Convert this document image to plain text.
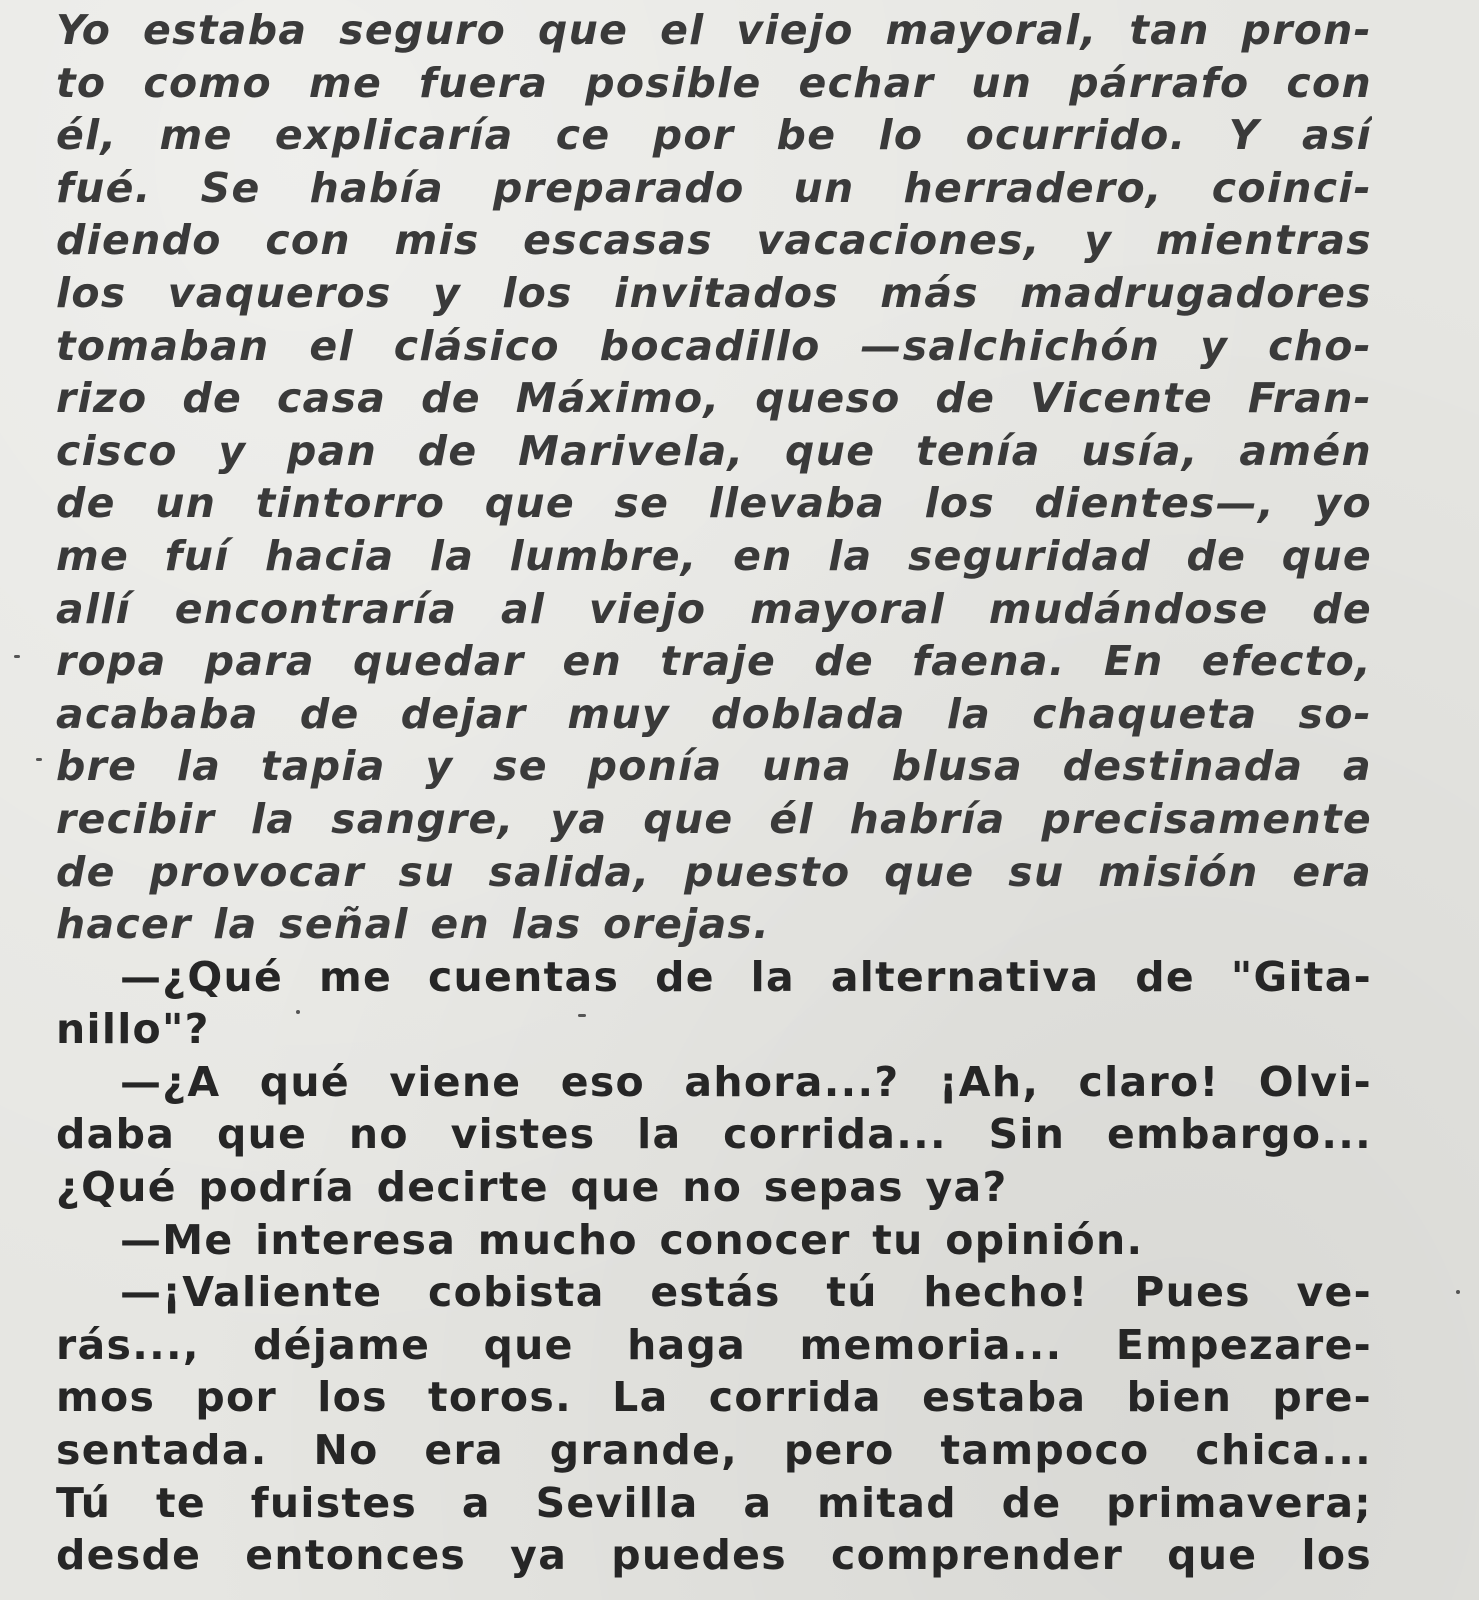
Yo estaba seguro que el viejo mayoral, tan pron-
to como me fuera posible echar un párrafo con
él, me explicaría ce por be lo ocurrido. Y así
fué. Se había preparado un herradero, coinci-
diendo con mis escasas vacaciones, y mientras
los vaqueros y los invitados más madrugadores
tomaban el clásico bocadillo —salchichón y cho-
rizo de casa de Máximo, queso de Vicente Fran-
cisco y pan de Marivela, que tenía usía, amén
de un tintorro que se llevaba los dientes—, yo
me fuí hacia la lumbre, en la seguridad de que
allí encontraría al viejo mayoral mudándose de
ropa para quedar en traje de faena. En efecto,
acababa de dejar muy doblada la chaqueta so-
bre la tapia y se ponía una blusa destinada a
recibir la sangre, ya que él habría precisamente
de provocar su salida, puesto que su misión era
hacer la señal en las orejas.
—¿Qué me cuentas de la alternativa de "Gita-
nillo"?
—¿A qué viene eso ahora...? ¡Ah, claro! Olvi-
daba que no vistes la corrida... Sin embargo...
¿Qué podría decirte que no sepas ya?
—Me interesa mucho conocer tu opinión.
—¡Valiente cobista estás tú hecho! Pues ve-
rás..., déjame que haga memoria... Empezare-
mos por los toros. La corrida estaba bien pre-
sentada. No era grande, pero tampoco chica...
Tú te fuistes a Sevilla a mitad de primavera;
desde entonces ya puedes comprender que los
